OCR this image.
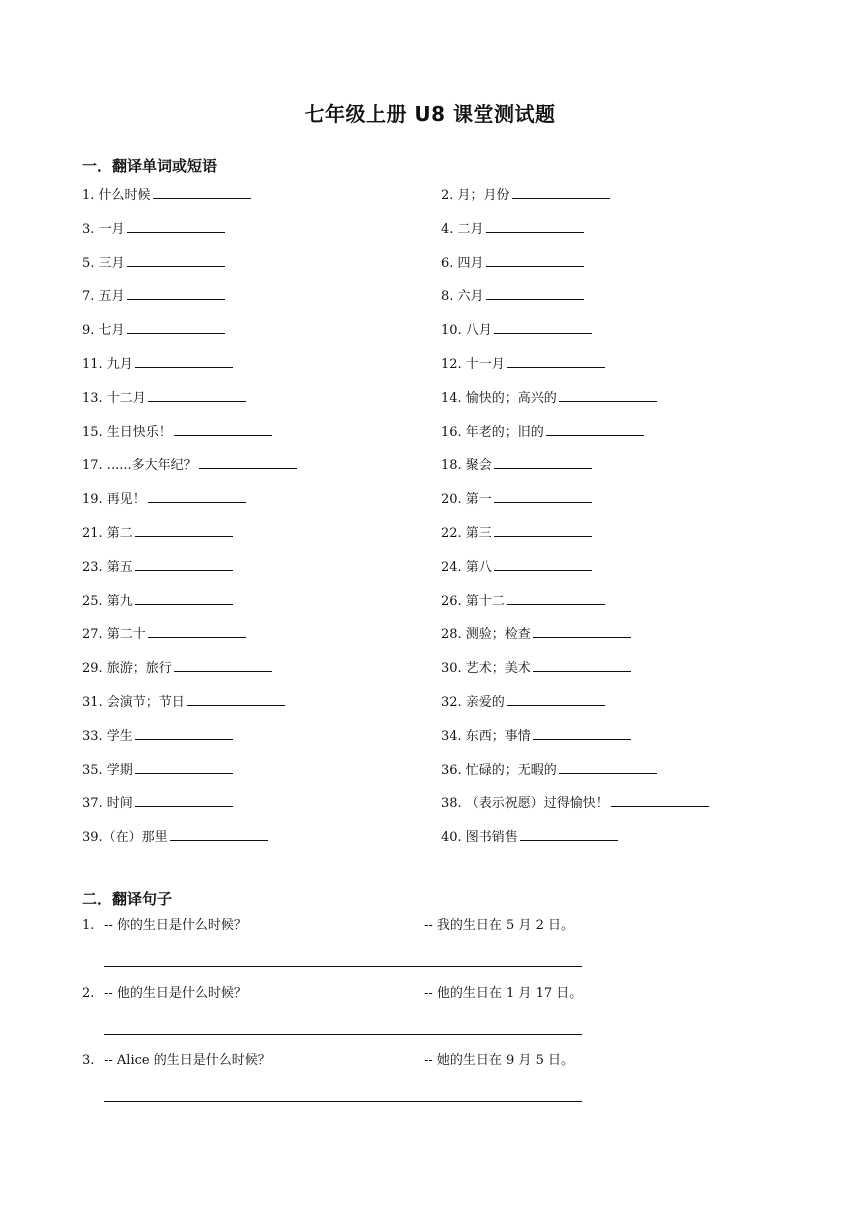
七年级上册 U8 课堂测试题
一．翻译单词或短语
1. 什么时候	2. 月；月份
3. 一月	4. 二月
5. 三月	6. 四月
7. 五月	8. 六月
9. 七月	10. 八月
11. 九月	12. 十一月
13. 十二月	14. 愉快的；高兴的
15. 生日快乐！	16. 年老的；旧的
17. ......多大年纪？	18. 聚会
19. 再见！	20. 第一
21. 第二	22. 第三
23. 第五	24. 第八
25. 第九	26. 第十二
27. 第二十	28. 测验；检查
29. 旅游；旅行	30. 艺术；美术
31. 会演节；节日	32. 亲爱的
33. 学生	34. 东西；事情
35. 学期	36. 忙碌的；无暇的
37. 时间	38. （表示祝愿）过得愉快！
39.（在）那里	40. 图书销售
二．翻译句子
1. -- 你的生日是什么时候？	-- 我的生日在 5 月 2 日。
2. -- 他的生日是什么时候？	-- 他的生日在 1 月 17 日。
3. -- Alice 的生日是什么时候？	-- 她的生日在 9 月 5 日。
